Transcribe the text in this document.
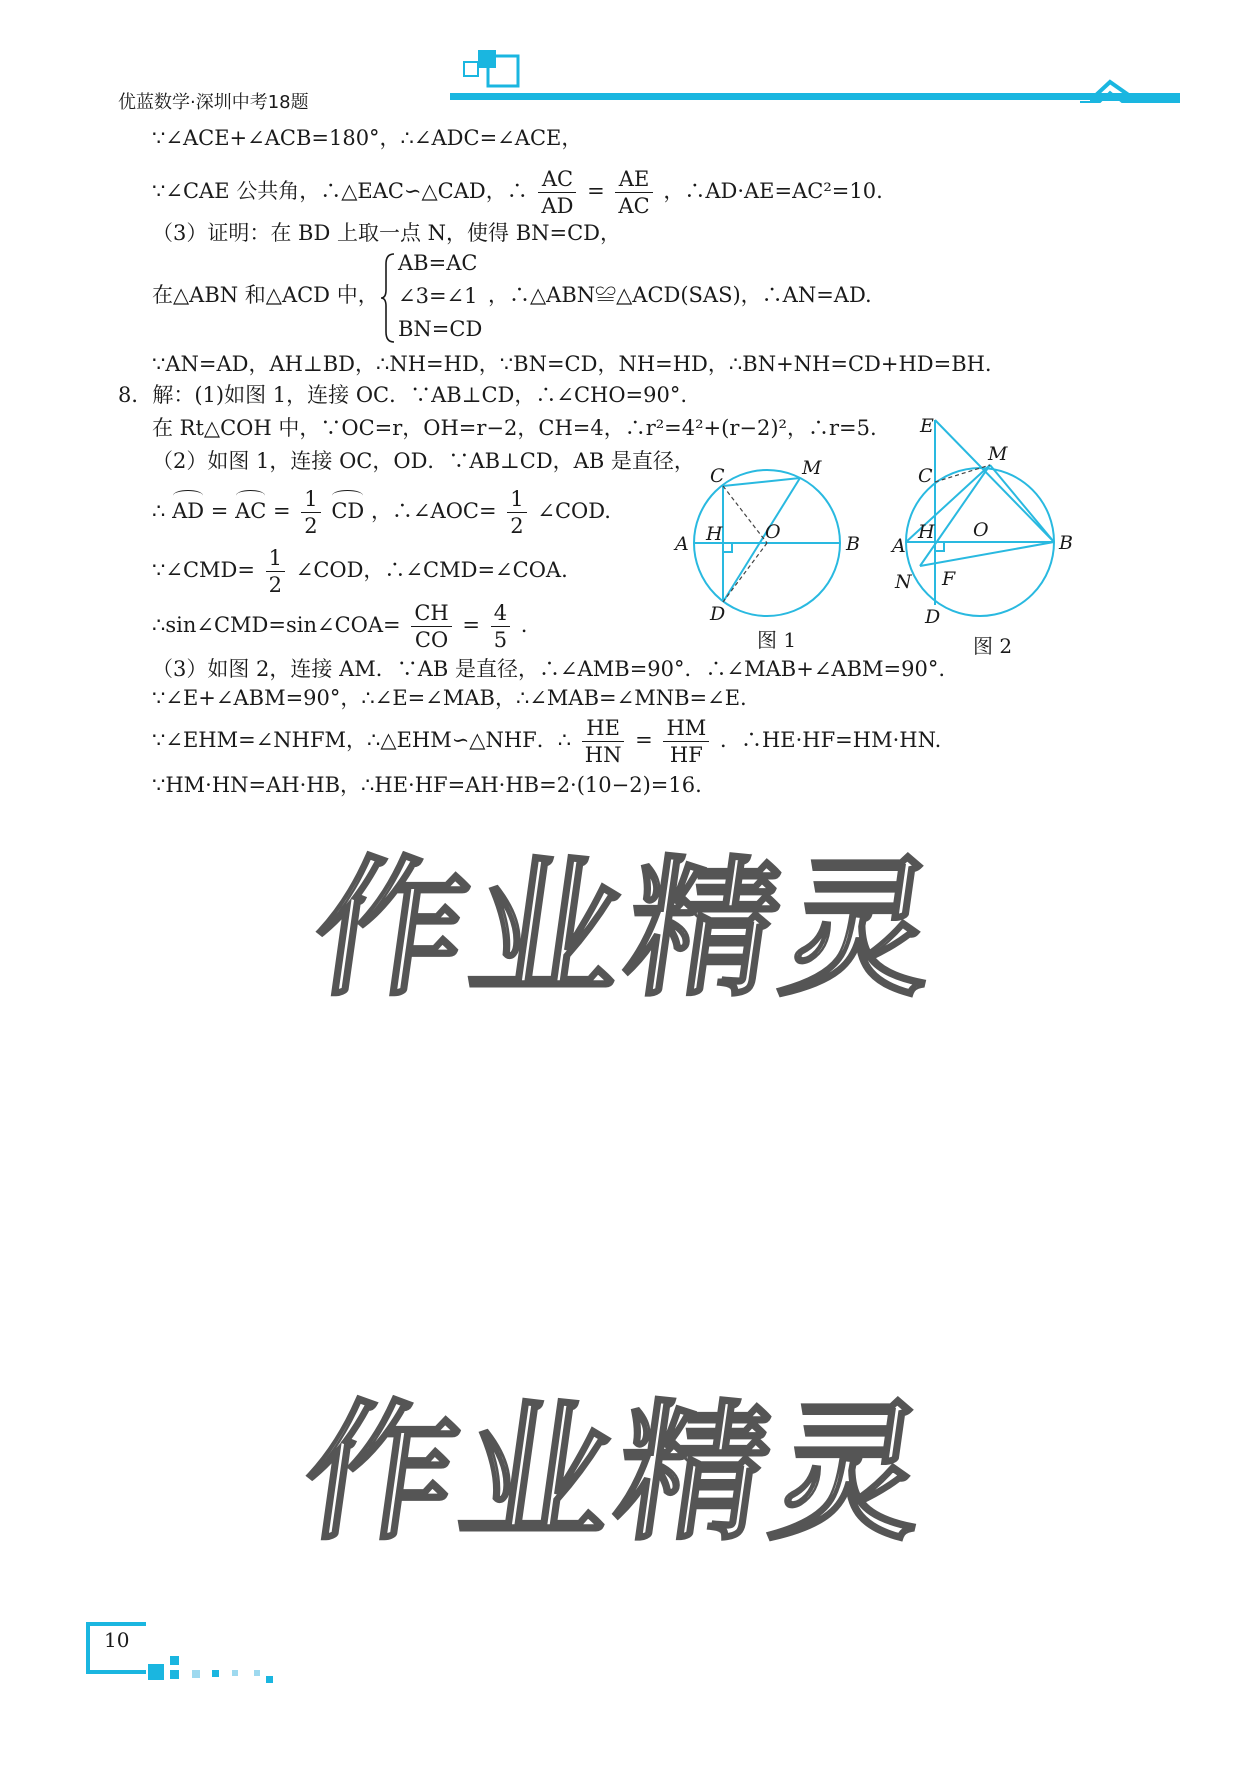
优蓝数学·深圳中考18题
∵∠ACE+∠ACB=180°，∴∠ADC=∠ACE，
∵∠CAE 公共角，∴△EAC∽△CAD，∴ $\frac{AC}{AD} = \frac{AE}{AC}$ ，∴AD·AE=AC²=10.
（3）证明：在 BD 上取一点 N，使得 BN=CD，
在△ABN 和△ACD 中，
AB=AC
∠3=∠1
BN=CD
，∴△ABN≌△ACD(SAS)，∴AN=AD.
∵AN=AD，AH⊥BD，∴NH=HD，∵BN=CD，NH=HD，∴BN+NH=CD+HD=BH.
8．解：(1)如图 1，连接 OC．∵AB⊥CD，∴∠CHO=90°.
在 Rt△COH 中，∵OC=r，OH=r−2，CH=4，∴r²=4²+(r−2)²，∴r=5.
（2）如图 1，连接 OC，OD．∵AB⊥CD，AB 是直径，
∴ AD = AC = $\frac{1}{2}$ CD ，∴∠AOC= $\frac{1}{2}$ ∠COD.
∵∠CMD= $\frac{1}{2}$ ∠COD，∴∠CMD=∠COA.
∴sin∠CMD=sin∠COA= $\frac{CH}{CO} = \frac{4}{5}$ .
（3）如图 2，连接 AM．∵AB 是直径，∴∠AMB=90°．∴∠MAB+∠ABM=90°.
∵∠E+∠ABM=90°，∴∠E=∠MAB，∴∠MAB=∠MNB=∠E.
∵∠EHM=∠NHFM，∴△EHM∽△NHF．∴ $\frac{HE}{HN} = \frac{HM}{HF}$ ．∴HE·HF=HM·HN.
∵HM·HN=AH·HB，∴HE·HF=AH·HB=2·(10−2)=16.
C	M
H O
A	B
D
图 1
E
C
M
H O
A	B
N F
D
图 2
作业精灵
作业精灵
10
